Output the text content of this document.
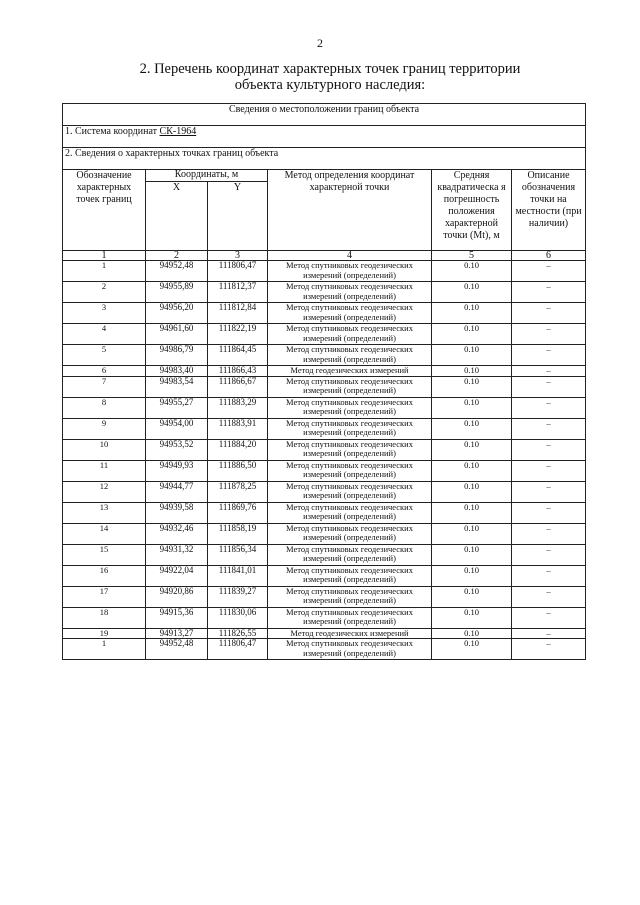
2
2. Перечень координат характерных точек границ территории
объекта культурного наследия:
Сведения о местоположении границ объекта					
1. Система координат СК-1964					
2. Сведения о характерных точках границ объекта					
Обозначение характерных точек границ	Координаты, м		Метод определения координат характерной точки	Средняя квадратическа я погрешность положения характерной точки (Mt), м	Описание обозначения точки на местности (при наличии)
	X	Y			
1	2	3	4	5	6
1	94952,48	111806,47	Метод спутниковых геодезических измерений (определений)	0.10	–
2	94955,89	111812,37	Метод спутниковых геодезических измерений (определений)	0.10	–
3	94956,20	111812,84	Метод спутниковых геодезических измерений (определений)	0.10	–
4	94961,60	111822,19	Метод спутниковых геодезических измерений (определений)	0.10	–
5	94986,79	111864,45	Метод спутниковых геодезических измерений (определений)	0.10	–
6	94983,40	111866,43	Метод геодезических измерений	0.10	–
7	94983,54	111866,67	Метод спутниковых геодезических измерений (определений)	0.10	–
8	94955,27	111883,29	Метод спутниковых геодезических измерений (определений)	0.10	–
9	94954,00	111883,91	Метод спутниковых геодезических измерений (определений)	0.10	–
10	94953,52	111884,20	Метод спутниковых геодезических измерений (определений)	0.10	–
11	94949,93	111886,50	Метод спутниковых геодезических измерений (определений)	0.10	–
12	94944,77	111878,25	Метод спутниковых геодезических измерений (определений)	0.10	–
13	94939,58	111869,76	Метод спутниковых геодезических измерений (определений)	0.10	–
14	94932,46	111858,19	Метод спутниковых геодезических измерений (определений)	0.10	–
15	94931,32	111856,34	Метод спутниковых геодезических измерений (определений)	0.10	–
16	94922,04	111841,01	Метод спутниковых геодезических измерений (определений)	0.10	–
17	94920,86	111839,27	Метод спутниковых геодезических измерений (определений)	0.10	–
18	94915,36	111830,06	Метод спутниковых геодезических измерений (определений)	0.10	–
19	94913,27	111826,55	Метод геодезических измерений	0.10	–
1	94952,48	111806,47	Метод спутниковых геодезических измерений (определений)	0.10	–
